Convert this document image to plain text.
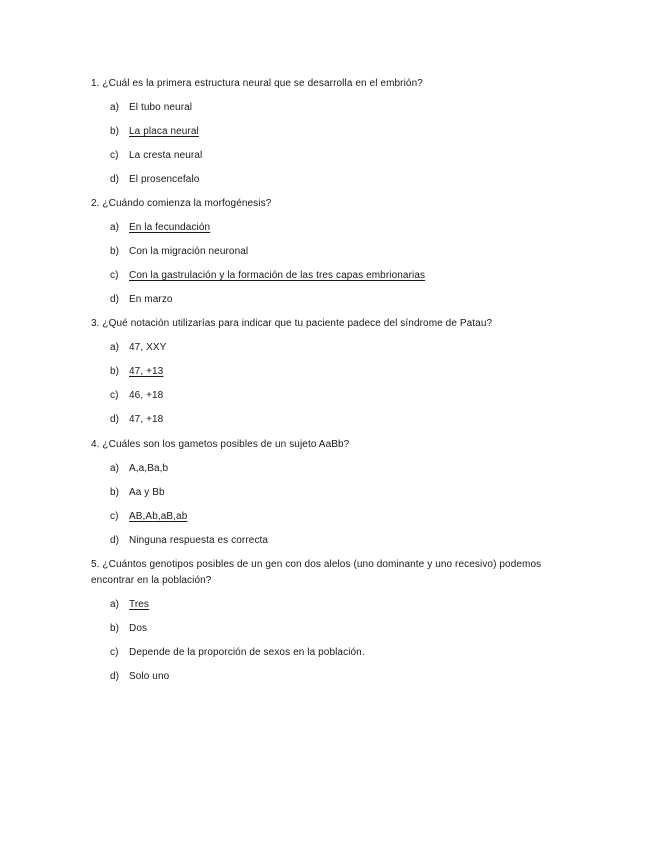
1. ¿Cuál es la primera estructura neural que se desarrolla en el embrión?
a) El tubo neural
b) La placa neural
c) La cresta neural
d) El prosencefalo
2. ¿Cuándo comienza la morfogénesis?
a) En la fecundación
b) Con la migración neuronal
c) Con la gastrulación y la formación de las tres capas embrionarias
d) En marzo
3. ¿Qué notación utilizarías para indicar que tu paciente padece del síndrome de Patau?
a) 47, XXY
b) 47, +13
c) 46, +18
d) 47, +18
4. ¿Cuáles son los gametos posibles de un sujeto AaBb?
a) A,a,Ba,b
b) Aa y Bb
c) AB,Ab,aB,ab
d) Ninguna respuesta es correcta
5. ¿Cuántos genotipos posibles de un gen con dos alelos (uno dominante y uno recesivo) podemos encontrar en la población?
a) Tres
b) Dos
c) Depende de la proporción de sexos en la población.
d) Solo uno
